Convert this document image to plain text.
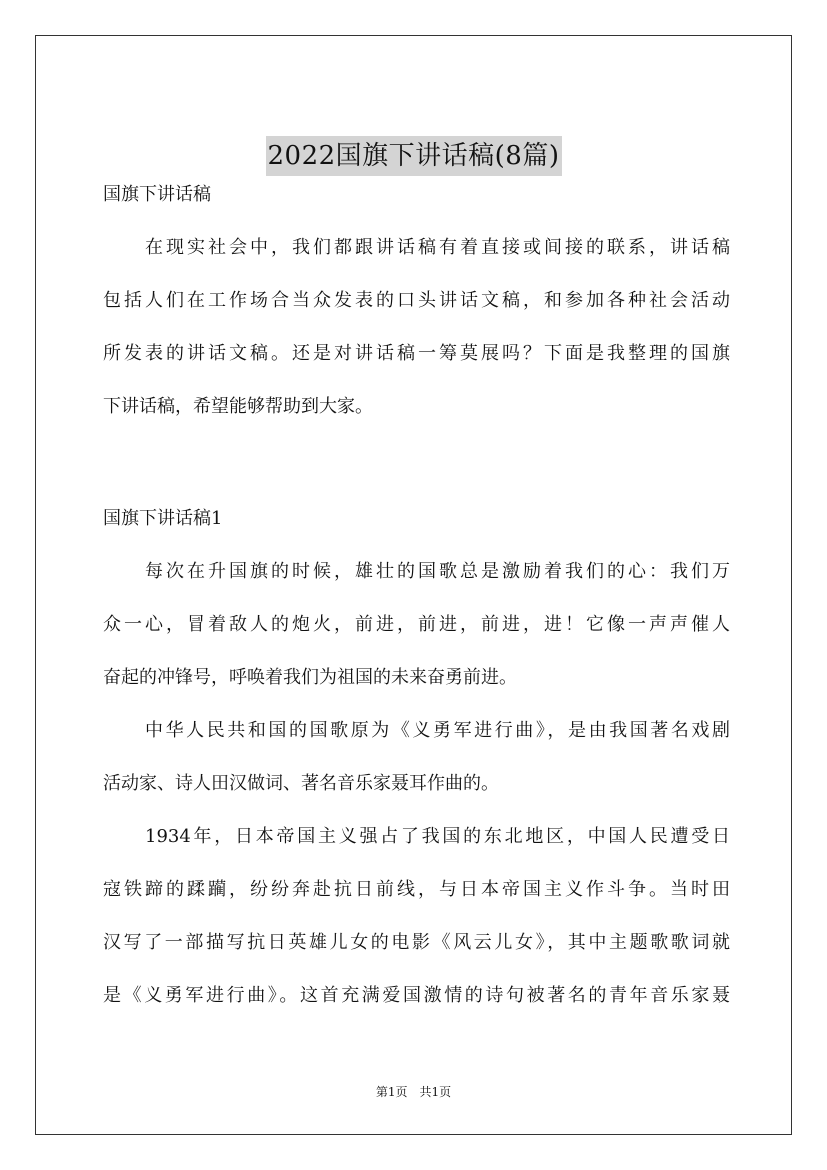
2022国旗下讲话稿(8篇)
国旗下讲话稿
在现实社会中，我们都跟讲话稿有着直接或间接的联系，讲话稿
包括人们在工作场合当众发表的口头讲话文稿，和参加各种社会活动
所发表的讲话文稿。还是对讲话稿一筹莫展吗？下面是我整理的国旗
下讲话稿，希望能够帮助到大家。
国旗下讲话稿1
每次在升国旗的时候，雄壮的国歌总是激励着我们的心：我们万
众一心，冒着敌人的炮火，前进，前进，前进，进！它像一声声催人
奋起的冲锋号，呼唤着我们为祖国的未来奋勇前进。
中华人民共和国的国歌原为《义勇军进行曲》，是由我国著名戏剧
活动家、诗人田汉做词、著名音乐家聂耳作曲的。
1934年，日本帝国主义强占了我国的东北地区，中国人民遭受日
寇铁蹄的蹂躏，纷纷奔赴抗日前线，与日本帝国主义作斗争。当时田
汉写了一部描写抗日英雄儿女的电影《风云儿女》，其中主题歌歌词就
是《义勇军进行曲》。这首充满爱国激情的诗句被著名的青年音乐家聂
第1页　共1页
